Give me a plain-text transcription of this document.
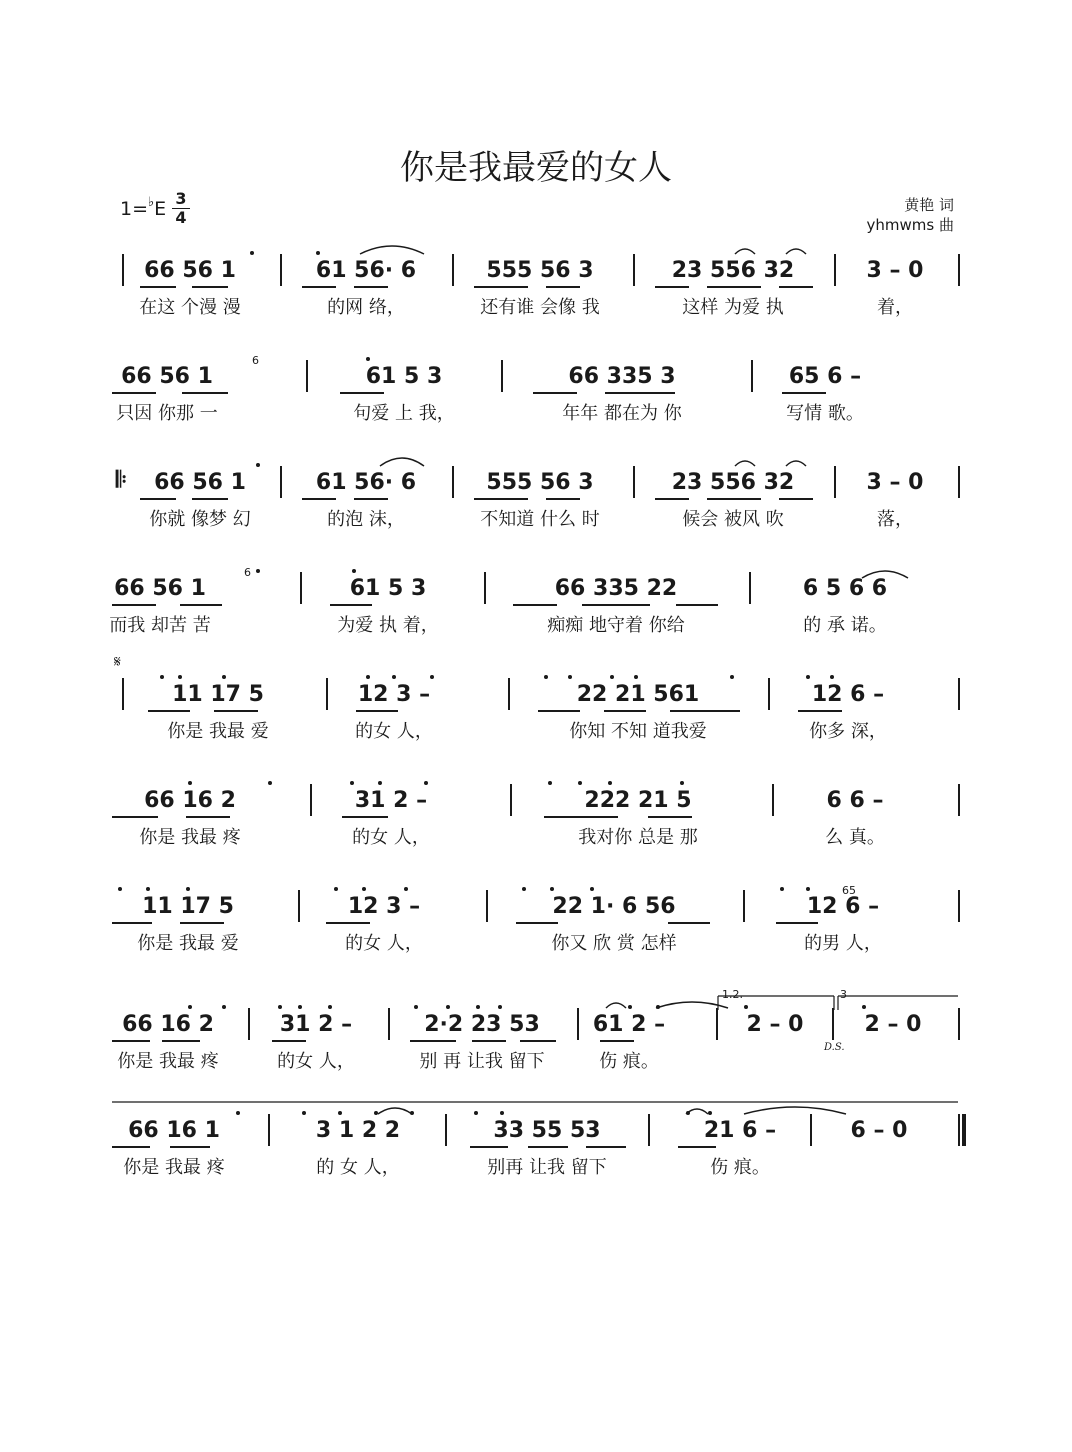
你是我最爱的女人
1=♭E 3
4
黄艳 词
yhmwms 曲
66 56 1
在这 个漫 漫
61 56· 6
的网 络，
555 56 3
还有谁 会像 我
23 556 32
这样 为爱 执
3 – 0
着，
66 56 1
只因 你那 一
61 5 3
句爱 上 我，
66 335 3
年年 都在为 你
65 6 –
写情 歌。
66 56 1
你就 像梦 幻
61 56· 6
的泡 沫，
555 56 3
不知道 什么 时
23 556 32
候会 被风 吹
3 – 0
落，
𝄆
66 56 1
而我 却苦 苦
61 5 3
为爱 执 着，
66 335 22
痴痴 地守着 你给
6 5 6 6
的 承 诺。
11 17 5
你是 我最 爱
12 3 –
的女 人，
22 21 561
你知 不知 道我爱
12 6 –
你多 深，
𝄋
66 16 2
你是 我最 疼
31 2 –
的女 人，
222 21 5
我对你 总是 那
6 6 –
么 真。
11 17 5
你是 我最 爱
12 3 –
的女 人，
22 1· 6 56
你又 欣 赏 怎样
12 6 –
的男 人，
66 16 2
你是 我最 疼
31 2 –
的女 人，
2·2 23 53
别 再 让我 留下
61 2 –
伤 痕。
2 – 0	2 – 0
D.S.
1.2.	3
66 16 1
你是 我最 疼
3 1 2 2
的 女 人，
33 55 53
别再 让我 留下
21 6 –
伤 痕。
6 – 0
6
6
65
